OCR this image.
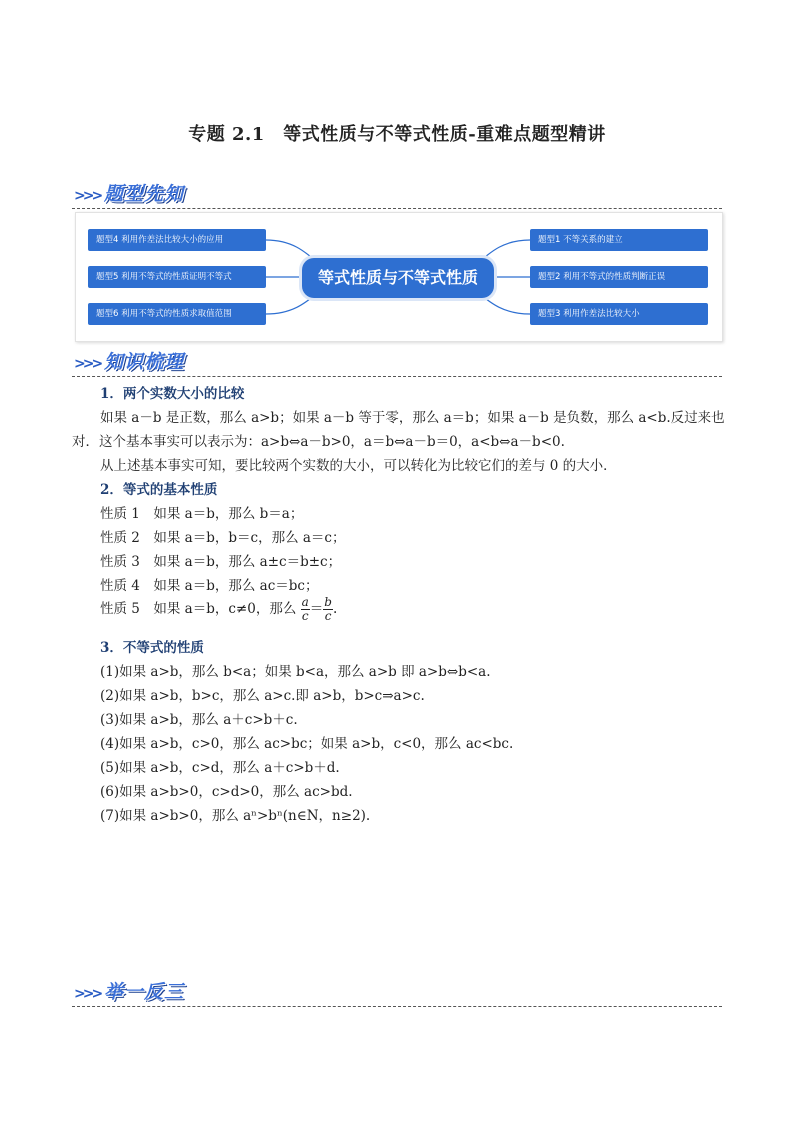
专题 2.1　等式性质与不等式性质-重难点题型精讲
>>> 题型先知
题型4 利用作差法比较大小的应用
题型5 利用不等式的性质证明不等式
题型6 利用不等式的性质求取值范围
等式性质与不等式性质
题型1 不等关系的建立
题型2 利用不等式的性质判断正误
题型3 利用作差法比较大小
>>> 知识梳理
1．两个实数大小的比较
如果 a－b 是正数，那么 a>b；如果 a－b 等于零，那么 a＝b；如果 a－b 是负数，那么 a<b.反过来也
对．这个基本事实可以表示为：a>b⇔a－b>0，a＝b⇔a－b＝0，a<b⇔a－b<0.
从上述基本事实可知，要比较两个实数的大小，可以转化为比较它们的差与 0 的大小．
2．等式的基本性质
性质 1　如果 a＝b，那么 b＝a；
性质 2　如果 a＝b，b＝c，那么 a＝c；
性质 3　如果 a＝b，那么 a±c＝b±c；
性质 4　如果 a＝b，那么 ac＝bc；
性质 5　如果 a＝b，c≠0，那么 $\frac{a}{c} = \frac{b}{c}$ .
3．不等式的性质
(1)如果 a>b，那么 b<a；如果 b<a，那么 a>b 即 a>b⇔b<a.
(2)如果 a>b，b>c，那么 a>c.即 a>b，b>c⇒a>c.
(3)如果 a>b，那么 a＋c>b＋c.
(4)如果 a>b，c>0，那么 ac>bc；如果 a>b，c<0，那么 ac<bc.
(5)如果 a>b，c>d，那么 a＋c>b＋d.
(6)如果 a>b>0，c>d>0，那么 ac>bd.
(7)如果 a>b>0，那么 aⁿ>bⁿ(n∈N，n≥2).
>>> 举一反三
